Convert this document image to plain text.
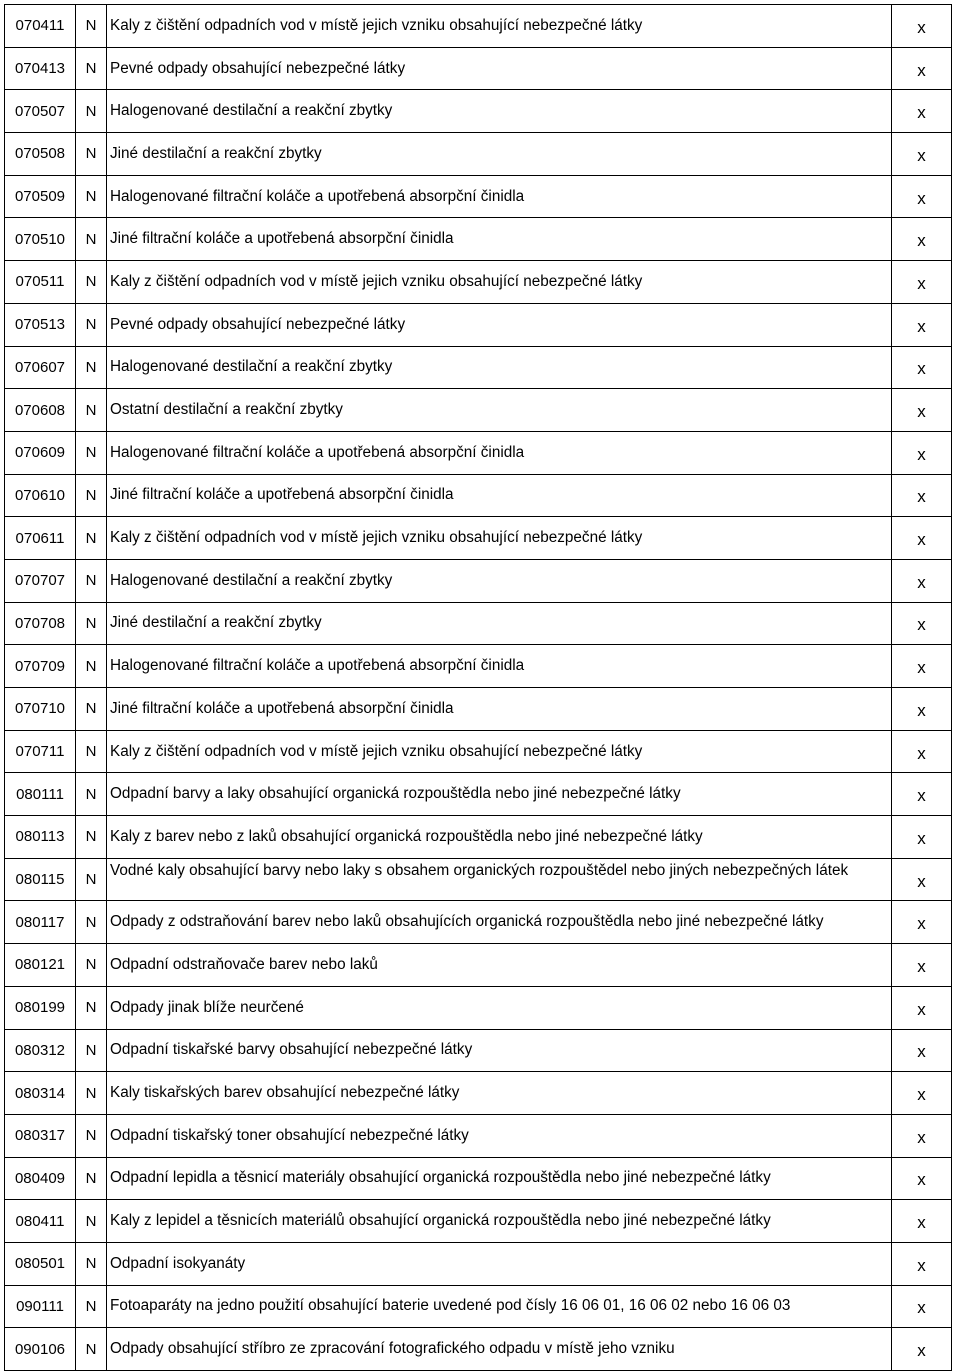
070411	N	Kaly z čištění odpadních vod v místě jejich vzniku obsahující nebezpečné látky	x
070413	N	Pevné odpady obsahující nebezpečné látky	x
070507	N	Halogenované destilační a reakční zbytky	x
070508	N	Jiné destilační a reakční zbytky	x
070509	N	Halogenované filtrační koláče a upotřebená absorpční činidla	x
070510	N	Jiné filtrační koláče a upotřebená absorpční činidla	x
070511	N	Kaly z čištění odpadních vod v místě jejich vzniku obsahující nebezpečné látky	x
070513	N	Pevné odpady obsahující nebezpečné látky	x
070607	N	Halogenované destilační a reakční zbytky	x
070608	N	Ostatní destilační a reakční zbytky	x
070609	N	Halogenované filtrační koláče a upotřebená absorpční činidla	x
070610	N	Jiné filtrační koláče a upotřebená absorpční činidla	x
070611	N	Kaly z čištění odpadních vod v místě jejich vzniku obsahující nebezpečné látky	x
070707	N	Halogenované destilační a reakční zbytky	x
070708	N	Jiné destilační a reakční zbytky	x
070709	N	Halogenované filtrační koláče a upotřebená absorpční činidla	x
070710	N	Jiné filtrační koláče a upotřebená absorpční činidla	x
070711	N	Kaly z čištění odpadních vod v místě jejich vzniku obsahující nebezpečné látky	x
080111	N	Odpadní barvy a laky obsahující organická rozpouštědla nebo jiné nebezpečné látky	x
080113	N	Kaly z barev nebo z laků obsahující organická rozpouštědla nebo jiné nebezpečné látky	x
080115	N	Vodné kaly obsahující barvy nebo laky s obsahem organických rozpouštědel nebo jiných nebezpečných látek	x
080117	N	Odpady z odstraňování barev nebo laků obsahujících organická rozpouštědla nebo jiné nebezpečné látky	x
080121	N	Odpadní odstraňovače barev nebo laků	x
080199	N	Odpady jinak blíže neurčené	x
080312	N	Odpadní tiskařské barvy obsahující nebezpečné látky	x
080314	N	Kaly tiskařských barev obsahující nebezpečné látky	x
080317	N	Odpadní tiskařský toner obsahující nebezpečné látky	x
080409	N	Odpadní lepidla a těsnicí materiály obsahující organická rozpouštědla nebo jiné nebezpečné látky	x
080411	N	Kaly z lepidel a těsnicích materiálů obsahující organická rozpouštědla nebo jiné nebezpečné látky	x
080501	N	Odpadní isokyanáty	x
090111	N	Fotoaparáty na jedno použití obsahující baterie uvedené pod čísly 16 06 01, 16 06 02 nebo 16 06 03	x
090106	N	Odpady obsahující stříbro ze zpracování fotografického odpadu v místě jeho vzniku	x
